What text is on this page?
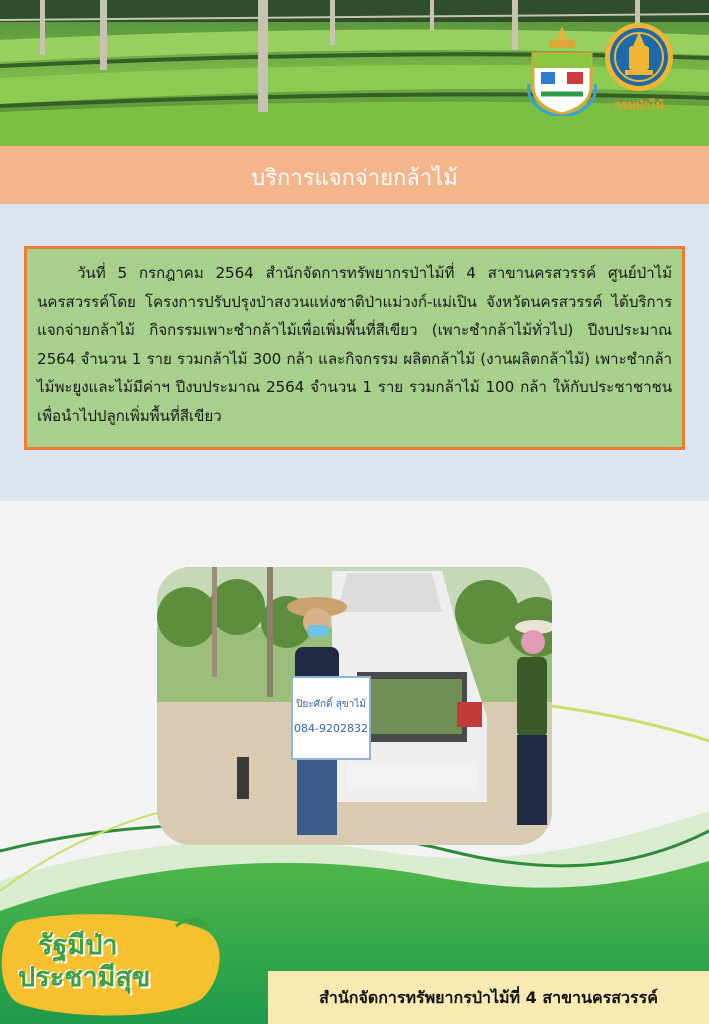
กรมป่าไม้
บริการแจกจ่ายกล้าไม้

วันที่ 5 กรกฎาคม 2564 สำนักจัดการทรัพยากรป่าไม้ที่ 4 สาขานครสวรรค์ ศูนย์ป่าไม้นครสวรรค์โดย โครงการปรับปรุงป่าสงวนแห่งชาติป่าแม่วงก์-แม่เปิน จังหวัดนครสวรรค์ ได้บริการแจกจ่ายกล้าไม้ กิจกรรมเพาะชำกล้าไม้เพื่อเพิ่มพื้นที่สีเขียว (เพาะชำกล้าไม้ทั่วไป) ปีงบประมาณ 2564 จำนวน 1 ราย รวมกล้าไม้ 300 กล้า และกิจกรรม ผลิตกล้าไม้ (งานผลิตกล้าไม้) เพาะชำกล้าไม้พะยูงและไม้มีค่าฯ ปีงบประมาณ 2564 จำนวน 1 ราย รวมกล้าไม้ 100 กล้า ให้กับประชาชาชนเพื่อนำไปปลูกเพิ่มพื้นที่สีเขียว

ปิยะศักดิ์ สุขาไม้
084-9202832
รัฐมีป่า
ประชามีสุข
สำนักจัดการทรัพยากรป่าไม้ที่ 4 สาขานครสวรรค์
